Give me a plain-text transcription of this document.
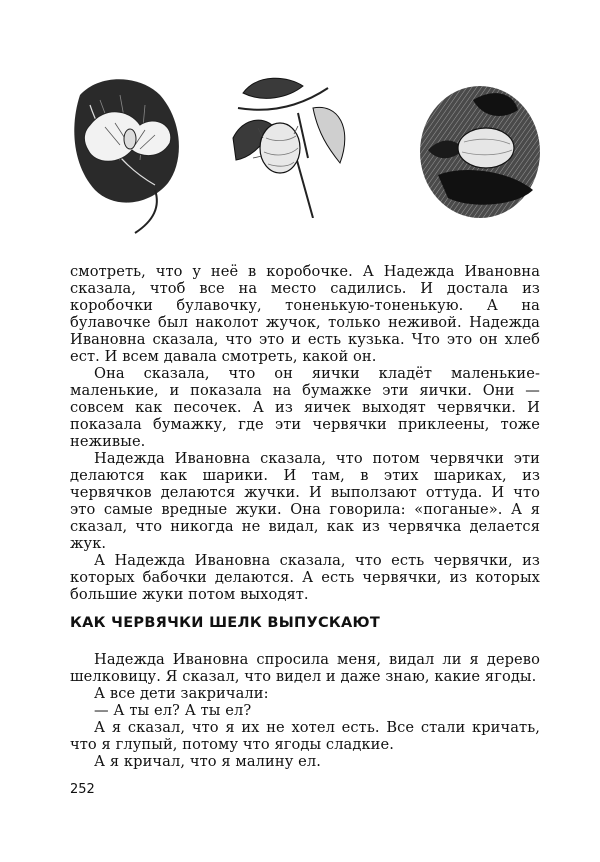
смотреть, что у неё в коробочке. А Надежда Ивановна сказала, чтоб все на место садились. И достала из коробочки булавочку, тоненькую-тоненькую. А на булавочке был наколот жучок, только неживой. Надежда Ивановна сказала, что это и есть кузька. Что это он хлеб ест. И всем давала смотреть, какой он.

Она сказала, что он яички кладёт маленькие-маленькие, и показала на бумажке эти яички. Они — совсем как песочек. А из яичек выходят червячки. И показала бумажку, где эти червячки приклеены, тоже неживые.

Надежда Ивановна сказала, что потом червячки эти делаются как шарики. И там, в этих шариках, из червячков делаются жучки. И выползают оттуда. И что это самые вредные жуки. Она говорила: «поганые». А я сказал, что никогда не видал, как из червячка делается жук.

А Надежда Ивановна сказала, что есть червячки, из которых бабочки делаются. А есть червячки, из которых большие жуки потом выходят.

КАК ЧЕРВЯЧКИ ШЕЛК ВЫПУСКАЮТ

Надежда Ивановна спросила меня, видал ли я дерево шелковицу. Я сказал, что видел и даже знаю, какие ягоды.

А все дети закричали:

— А ты ел? А ты ел?

А я сказал, что я их не хотел есть. Все стали кричать, что я глупый, потому что ягоды сладкие.

А я кричал, что я малину ел.

252
